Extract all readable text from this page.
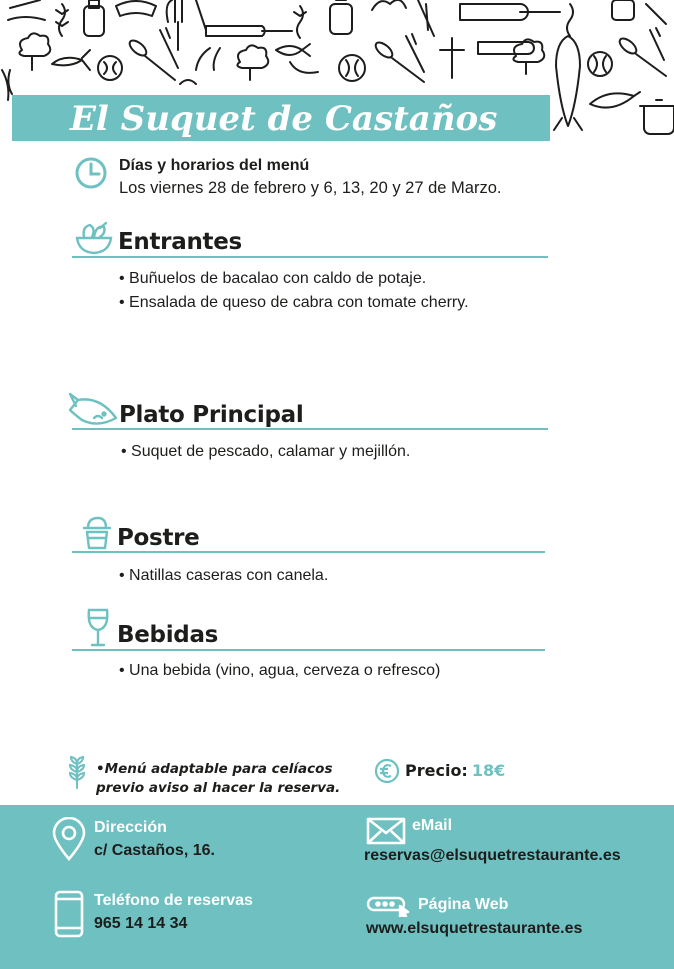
El Suquet de Castaños
Días y horarios del menú
Los viernes 28 de febrero y 6, 13, 20 y 27 de Marzo.
Entrantes
• Buñuelos de bacalao con caldo de potaje.
• Ensalada de queso de cabra con tomate cherry.
Plato Principal
• Suquet de pescado, calamar y mejillón.
Postre
• Natillas caseras con canela.
Bebidas
• Una bebida (vino, agua, cerveza o refresco)
•Menú adaptable para celíacos
previo aviso al hacer la reserva.
Precio: 18€
Dirección
c/ Castaños, 16.
Teléfono de reservas
965 14 14 34
eMail
reservas@elsuquetrestaurante.es
Página Web
www.elsuquetrestaurante.es
